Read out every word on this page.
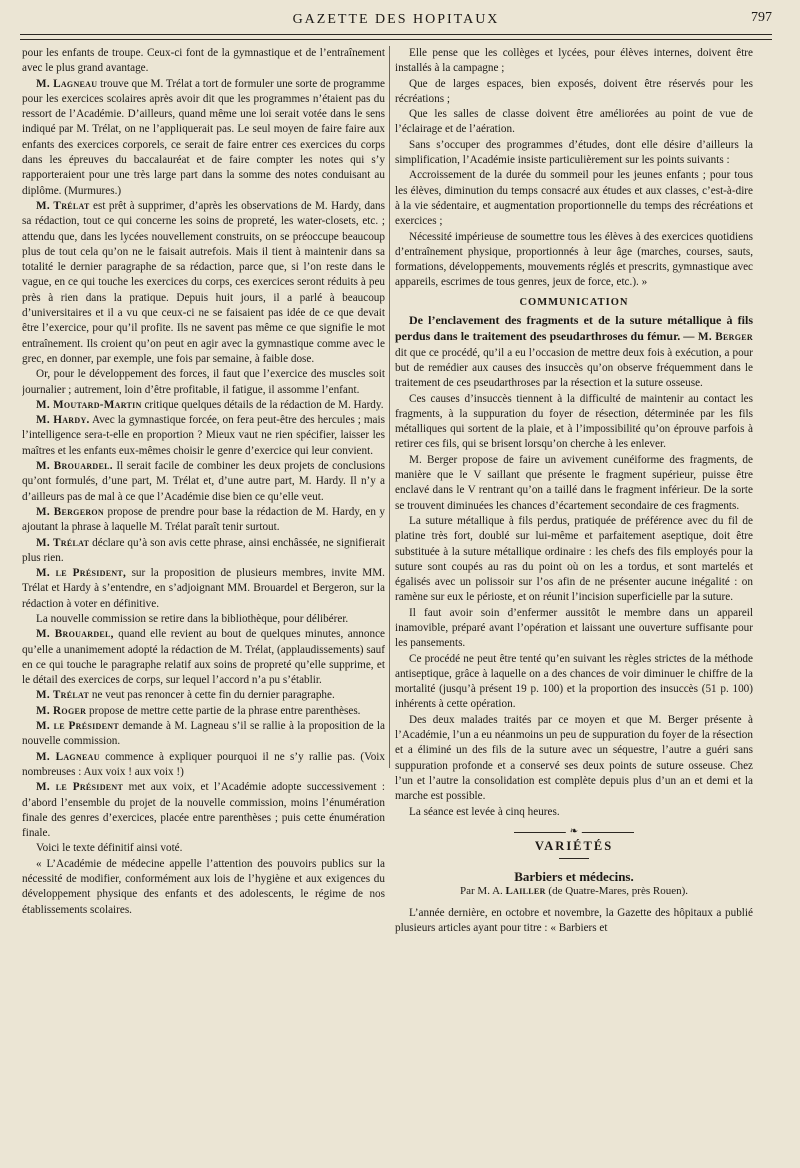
GAZETTE DES HOPITAUX	797

pour les enfants de troupe. Ceux-ci font de la gymnastique et de l’entraînement avec le plus grand avantage.

M. Lagneau trouve que M. Trélat a tort de formuler une sorte de programme pour les exercices scolaires après avoir dit que les programmes n’étaient pas du ressort de l’Académie. D’ailleurs, quand même une loi serait votée dans le sens indiqué par M. Trélat, on ne l’appliquerait pas. Le seul moyen de faire faire aux enfants des exercices corporels, ce serait de faire entrer ces exercices du corps dans les épreuves du baccalauréat et de faire compter les notes qui s’y rapporteraient pour une très large part dans la somme des notes conduisant au diplôme. (Murmures.)

M. Trélat est prêt à supprimer, d’après les observations de M. Hardy, dans sa rédaction, tout ce qui concerne les soins de propreté, les water-closets, etc. ; attendu que, dans les lycées nouvellement construits, on se préoccupe beaucoup plus de tout cela qu’on ne le faisait autrefois. Mais il tient à maintenir dans sa totalité le dernier paragraphe de sa rédaction, parce que, si l’on reste dans le vague, en ce qui touche les exercices du corps, ces exercices seront réduits à peu près à rien dans la pratique. Depuis huit jours, il a parlé à beaucoup d’universitaires et il a vu que ceux-ci ne se faisaient pas idée de ce que devait être l’exercice, pour qu’il profite. Ils ne savent pas même ce que signifie le mot entraînement. Ils croient qu’on peut en agir avec la gymnastique comme avec le grec, en donner, par exemple, une fois par semaine, à faible dose.

Or, pour le développement des forces, il faut que l’exercice des muscles soit journalier ; autrement, loin d’être profitable, il fatigue, il assomme l’enfant.

M. Moutard-Martin critique quelques détails de la rédaction de M. Hardy.

M. Hardy. Avec la gymnastique forcée, on fera peut-être des hercules ; mais l’intelligence sera-t-elle en proportion ? Mieux vaut ne rien spécifier, laisser les maîtres et les enfants eux-mêmes choisir le genre d’exercice qui leur convient.

M. Brouardel. Il serait facile de combiner les deux projets de conclusions qu’ont formulés, d’une part, M. Trélat et, d’une autre part, M. Hardy. Il n’y a d’ailleurs pas de mal à ce que l’Académie dise bien ce qu’elle veut.

M. Bergeron propose de prendre pour base la rédaction de M. Hardy, en y ajoutant la phrase à laquelle M. Trélat paraît tenir surtout.

M. Trélat déclare qu’à son avis cette phrase, ainsi enchâssée, ne signifierait plus rien.

M. le Président, sur la proposition de plusieurs membres, invite MM. Trélat et Hardy à s’entendre, en s’adjoignant MM. Brouardel et Bergeron, sur la rédaction à voter en définitive.

La nouvelle commission se retire dans la bibliothèque, pour délibérer.

M. Brouardel, quand elle revient au bout de quelques minutes, annonce qu’elle a unanimement adopté la rédaction de M. Trélat, (applaudissements) sauf en ce qui touche le paragraphe relatif aux soins de propreté qu’elle supprime, et le détail des exercices de corps, sur lequel l’accord n’a pu s’établir.

M. Trélat ne veut pas renoncer à cette fin du dernier paragraphe.

M. Roger propose de mettre cette partie de la phrase entre parenthèses.

M. le Président demande à M. Lagneau s’il se rallie à la proposition de la nouvelle commission.

M. Lagneau commence à expliquer pourquoi il ne s’y rallie pas. (Voix nombreuses : Aux voix ! aux voix !)

M. le Président met aux voix, et l’Académie adopte successivement : d’abord l’ensemble du projet de la nouvelle commission, moins l’énumération finale des genres d’exercices, placée entre parenthèses ; puis cette énumération finale.

Voici le texte définitif ainsi voté.

« L’Académie de médecine appelle l’attention des pouvoirs publics sur la nécessité de modifier, conformément aux lois de l’hygiène et aux exigences du développement physique des enfants et des adolescents, le régime de nos établissements scolaires.

Elle pense que les collèges et lycées, pour élèves internes, doivent être installés à la campagne ;

Que de larges espaces, bien exposés, doivent être réservés pour les récréations ;

Que les salles de classe doivent être améliorées au point de vue de l’éclairage et de l’aération.

Sans s’occuper des programmes d’études, dont elle désire d’ailleurs la simplification, l’Académie insiste particulièrement sur les points suivants :

Accroissement de la durée du sommeil pour les jeunes enfants ; pour tous les élèves, diminution du temps consacré aux études et aux classes, c’est-à-dire à la vie sédentaire, et augmentation proportionnelle du temps des récréations et exercices ;

Nécessité impérieuse de soumettre tous les élèves à des exercices quotidiens d’entraînement physique, proportionnés à leur âge (marches, courses, sauts, formations, développements, mouvements réglés et prescrits, gymnastique avec appareils, escrimes de tous genres, jeux de force, etc.). »

COMMUNICATION

De l’enclavement des fragments et de la suture métallique à fils perdus dans le traitement des pseudarthroses du fémur. — M. Berger dit que ce procédé, qu’il a eu l’occasion de mettre deux fois à exécution, a pour but de remédier aux causes des insuccès qu’on observe fréquemment dans le traitement de ces pseudarthroses par la résection et la suture osseuse.

Ces causes d’insuccès tiennent à la difficulté de maintenir au contact les fragments, à la suppuration du foyer de résection, déterminée par les fils métalliques qui sortent de la plaie, et à l’impossibilité qu’on éprouve parfois à retirer ces fils, qui se brisent lorsqu’on cherche à les enlever.

M. Berger propose de faire un avivement cunéiforme des fragments, de manière que le V saillant que présente le fragment supérieur, puisse être enclavé dans le V rentrant qu’on a taillé dans le fragment inférieur. De la sorte se trouvent diminuées les chances d’écartement secondaire de ces fragments.

La suture métallique à fils perdus, pratiquée de préférence avec du fil de platine très fort, doublé sur lui-même et parfaitement aseptique, doit être substituée à la suture métallique ordinaire : les chefs des fils employés pour la suture sont coupés au ras du point où on les a tordus, et sont martelés et égalisés avec un polissoir sur l’os afin de ne présenter aucune inégalité : on ramène sur eux le périoste, et on réunit l’incision superficielle par la suture.

Il faut avoir soin d’enfermer aussitôt le membre dans un appareil inamovible, préparé avant l’opération et laissant une ouverture suffisante pour les pansements.

Ce procédé ne peut être tenté qu’en suivant les règles strictes de la méthode antiseptique, grâce à laquelle on a des chances de voir diminuer le chiffre de la mortalité (jusqu’à présent 19 p. 100) et la proportion des insuccès (51 p. 100) inhérents à cette opération.

Des deux malades traités par ce moyen et que M. Berger présente à l’Académie, l’un a eu néanmoins un peu de suppuration du foyer de la résection et a éliminé un des fils de la suture avec un séquestre, l’autre a guéri sans suppuration profonde et a conservé ses deux points de suture osseuse. Chez l’un et l’autre la consolidation est complète depuis plus d’un an et demi et la marche est possible.

La séance est levée à cinq heures.

❧
VARIÉTÉS
Barbiers et médecins.
Par M. A. Lailler (de Quatre-Mares, près Rouen).

L’année dernière, en octobre et novembre, la Gazette des hôpitaux a publié plusieurs articles ayant pour titre : « Barbiers et
